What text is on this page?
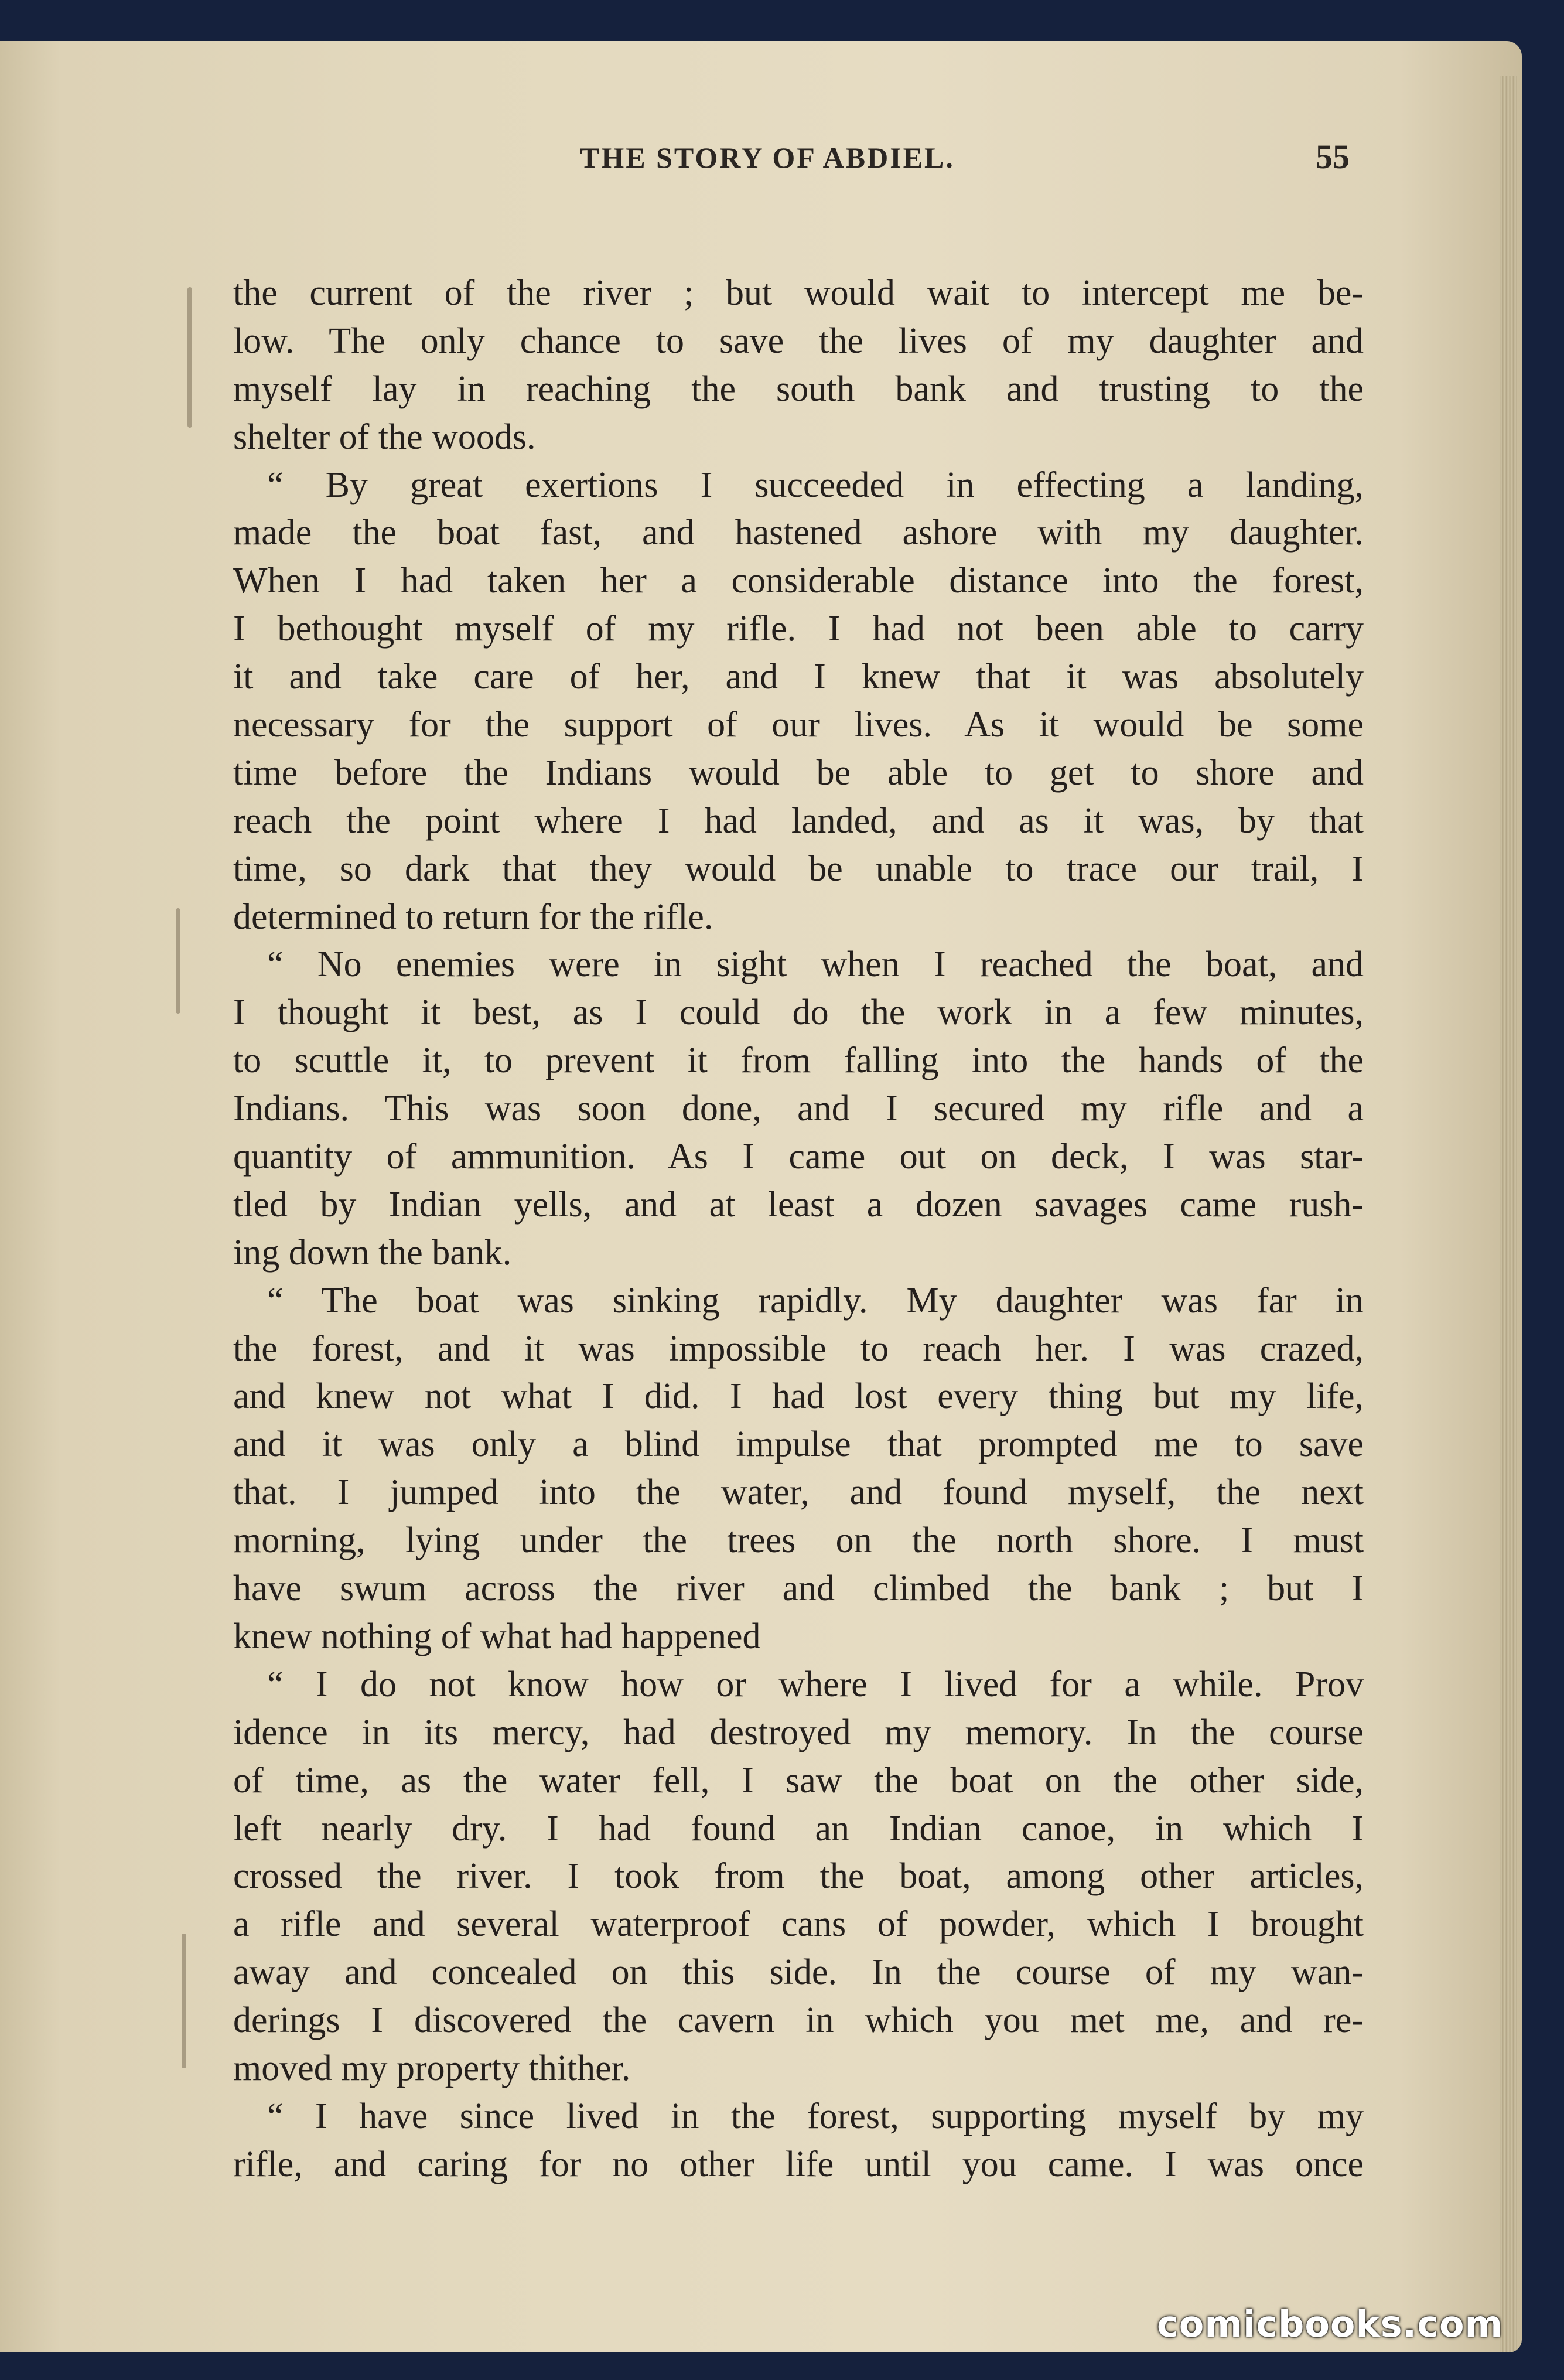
THE STORY OF ABDIEL.	55
the current of the river ; but would wait to intercept me be-
low. The only chance to save the lives of my daughter and
myself lay in reaching the south bank and trusting to the
shelter of the woods.
“ By great exertions I succeeded in effecting a landing,
made the boat fast, and hastened ashore with my daughter.
When I had taken her a considerable distance into the forest,
I bethought myself of my rifle. I had not been able to carry
it and take care of her, and I knew that it was absolutely
necessary for the support of our lives. As it would be some
time before the Indians would be able to get to shore and
reach the point where I had landed, and as it was, by that
time, so dark that they would be unable to trace our trail, I
determined to return for the rifle.
“ No enemies were in sight when I reached the boat, and
I thought it best, as I could do the work in a few minutes,
to scuttle it, to prevent it from falling into the hands of the
Indians. This was soon done, and I secured my rifle and a
quantity of ammunition. As I came out on deck, I was star-
tled by Indian yells, and at least a dozen savages came rush-
ing down the bank.
“ The boat was sinking rapidly. My daughter was far in
the forest, and it was impossible to reach her. I was crazed,
and knew not what I did. I had lost every thing but my life,
and it was only a blind impulse that prompted me to save
that. I jumped into the water, and found myself, the next
morning, lying under the trees on the north shore. I must
have swum across the river and climbed the bank ; but I
knew nothing of what had happened
“ I do not know how or where I lived for a while. Prov
idence in its mercy, had destroyed my memory. In the course
of time, as the water fell, I saw the boat on the other side,
left nearly dry. I had found an Indian canoe, in which I
crossed the river. I took from the boat, among other articles,
a rifle and several waterproof cans of powder, which I brought
away and concealed on this side. In the course of my wan-
derings I discovered the cavern in which you met me, and re-
moved my property thither.
“ I have since lived in the forest, supporting myself by my
rifle, and caring for no other life until you came. I was once
comicbooks.com
